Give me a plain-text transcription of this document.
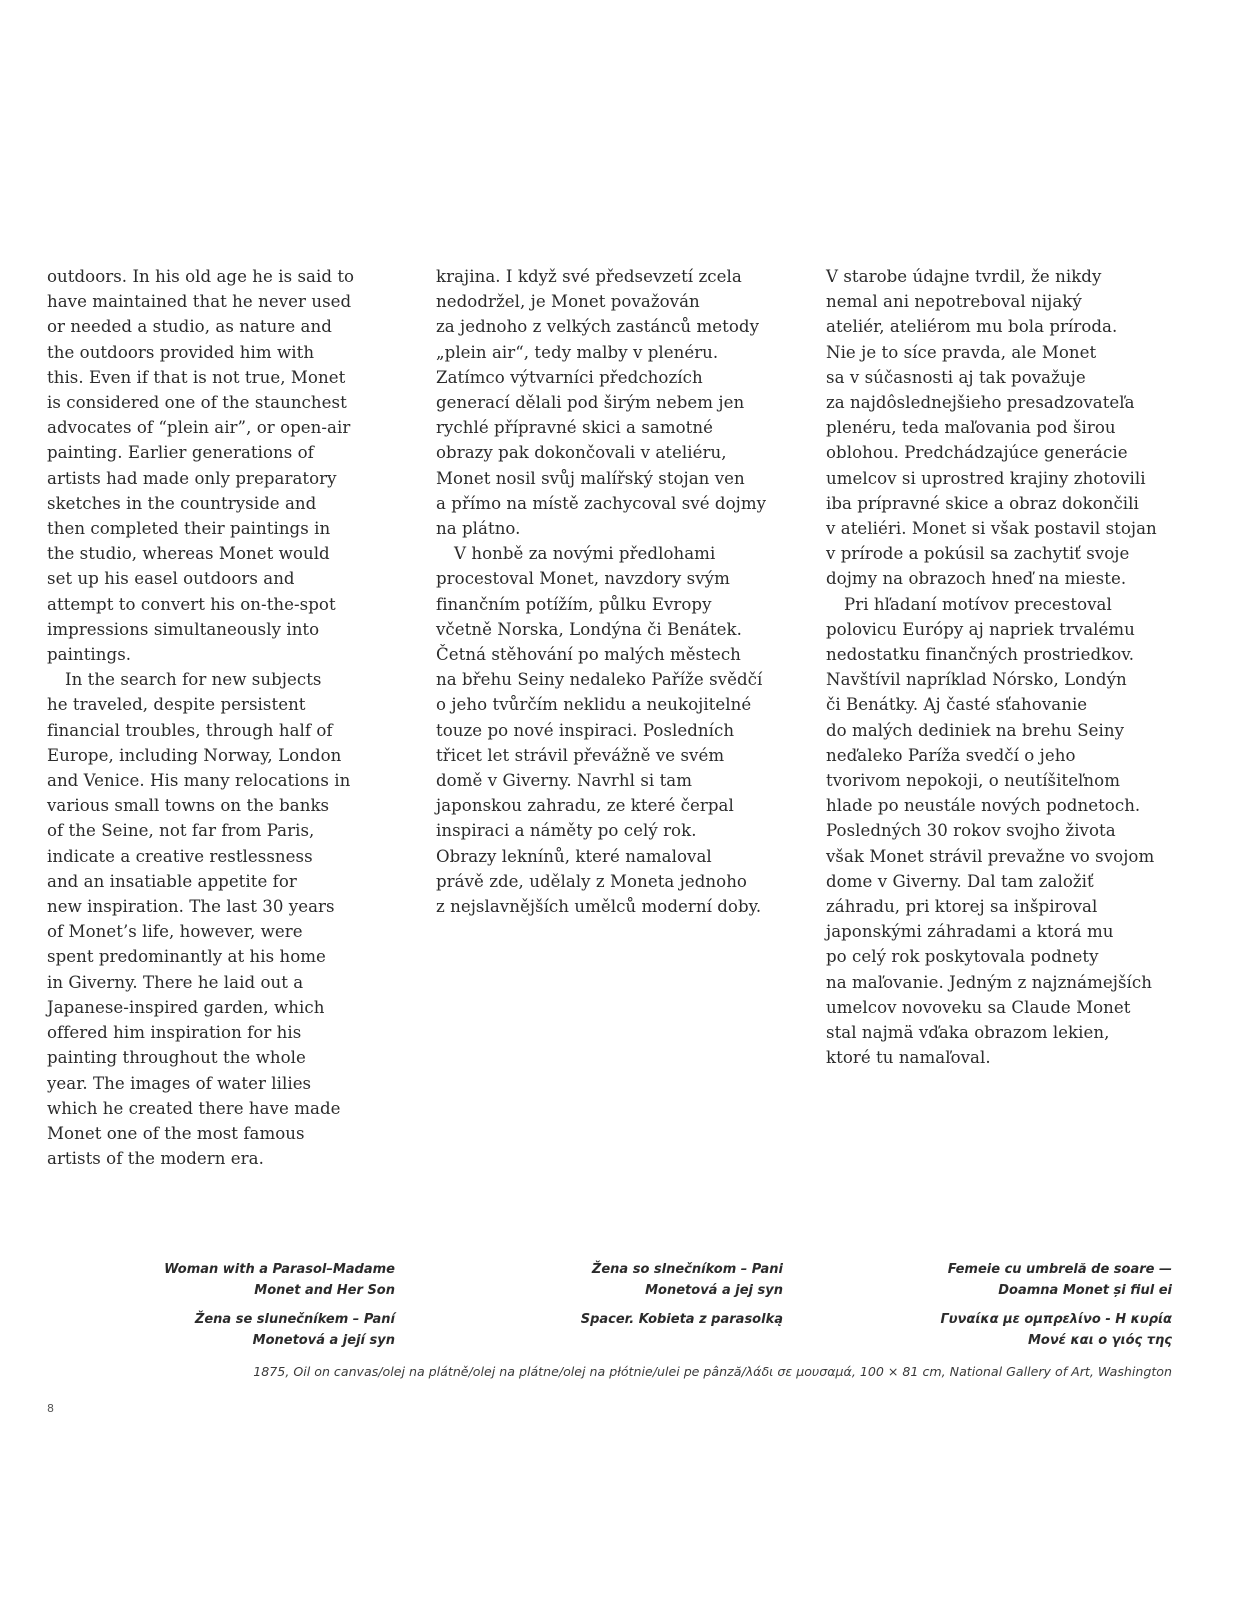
outdoors. In his old age he is said to
have maintained that he never used
or needed a studio, as nature and
the outdoors provided him with
this. Even if that is not true, Monet
is considered one of the staunchest
advocates of “plein air”, or open-air
painting. Earlier generations of
artists had made only preparatory
sketches in the countryside and
then completed their paintings in
the studio, whereas Monet would
set up his easel outdoors and
attempt to convert his on-the-spot
impressions simultaneously into
paintings.
In the search for new subjects
he traveled, despite persistent
financial troubles, through half of
Europe, including Norway, London
and Venice. His many relocations in
various small towns on the banks
of the Seine, not far from Paris,
indicate a creative restlessness
and an insatiable appetite for
new inspiration. The last 30 years
of Monet’s life, however, were
spent predominantly at his home
in Giverny. There he laid out a
Japanese-inspired garden, which
offered him inspiration for his
painting throughout the whole
year. The images of water lilies
which he created there have made
Monet one of the most famous
artists of the modern era.
krajina. I když své předsevzetí zcela
nedodržel, je Monet považován
za jednoho z velkých zastánců metody
„plein air“, tedy malby v plenéru.
Zatímco výtvarníci předchozích
generací dělali pod širým nebem jen
rychlé přípravné skici a samotné
obrazy pak dokončovali v ateliéru,
Monet nosil svůj malířský stojan ven
a přímo na místě zachycoval své dojmy
na plátno.
V honbě za novými předlohami
procestoval Monet, navzdory svým
finančním potížím, půlku Evropy
včetně Norska, Londýna či Benátek.
Četná stěhování po malých městech
na břehu Seiny nedaleko Paříže svědčí
o jeho tvůrčím neklidu a neukojitelné
touze po nové inspiraci. Posledních
třicet let strávil převážně ve svém
domě v Giverny. Navrhl si tam
japonskou zahradu, ze které čerpal
inspiraci a náměty po celý rok.
Obrazy leknínů, které namaloval
právě zde, udělaly z Moneta jednoho
z nejslavnějších umělců moderní doby.
V starobe údajne tvrdil, že nikdy
nemal ani nepotreboval nijaký
ateliér, ateliérom mu bola príroda.
Nie je to síce pravda, ale Monet
sa v súčasnosti aj tak považuje
za najdôslednejšieho presadzovateľa
plenéru, teda maľovania pod širou
oblohou. Predchádzajúce generácie
umelcov si uprostred krajiny zhotovili
iba prípravné skice a obraz dokončili
v ateliéri. Monet si však postavil stojan
v prírode a pokúsil sa zachytiť svoje
dojmy na obrazoch hneď na mieste.
Pri hľadaní motívov precestoval
polovicu Európy aj napriek trvalému
nedostatku finančných prostriedkov.
Navštívil napríklad Nórsko, Londýn
či Benátky. Aj časté sťahovanie
do malých dediniek na brehu Seiny
neďaleko Paríža svedčí o jeho
tvorivom nepokoji, o neutíšiteľnom
hlade po neustále nových podnetoch.
Posledných 30 rokov svojho života
však Monet strávil prevažne vo svojom
dome v Giverny. Dal tam založiť
záhradu, pri ktorej sa inšpiroval
japonskými záhradami a ktorá mu
po celý rok poskytovala podnety
na maľovanie. Jedným z najznámejších
umelcov novoveku sa Claude Monet
stal najmä vďaka obrazom lekien,
ktoré tu namaľoval.
Woman with a Parasol–Madame
Monet and Her Son
Žena se slunečníkem – Paní
Monetová a její syn
Žena so slnečníkom – Pani
Monetová a jej syn
Spacer. Kobieta z parasolką
Femeie cu umbrelă de soare —
Doamna Monet și fiul ei
Γυναίκα με ομπρελίνο - Η κυρία
Μονέ και ο γιός της
1875, Oil on canvas/olej na plátně/olej na plátne/olej na płótnie/ulei pe pânză/λάδι σε μουσαμά, 100 × 81 cm, National Gallery of Art, Washington
8
